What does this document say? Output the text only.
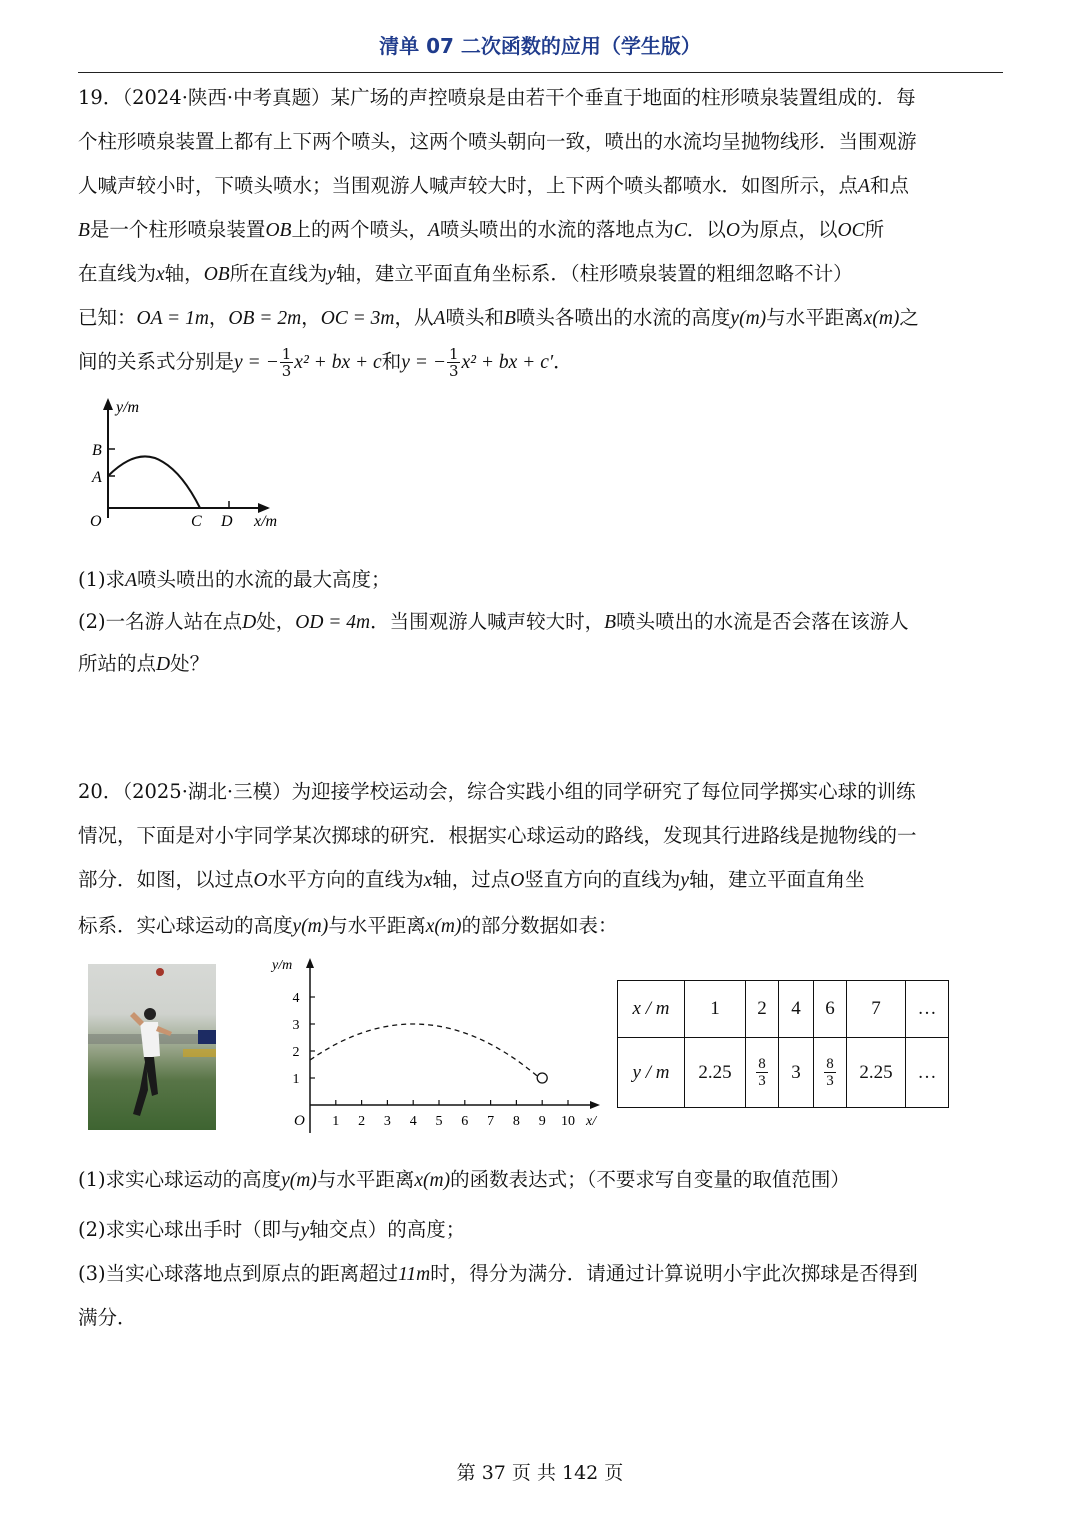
清单 07 二次函数的应用（学生版）

19．（2024·陕西·中考真题）某广场的声控喷泉是由若干个垂直于地面的柱形喷泉装置组成的．每

个柱形喷泉装置上都有上下两个喷头，这两个喷头朝向一致，喷出的水流均呈抛物线形．当围观游

人喊声较小时，下喷头喷水；当围观游人喊声较大时，上下两个喷头都喷水．如图所示，点A和点

B是一个柱形喷泉装置OB上的两个喷头，A喷头喷出的水流的落地点为C．以O为原点，以OC所

在直线为x轴，OB所在直线为y轴，建立平面直角坐标系．（柱形喷泉装置的粗细忽略不计）

已知：OA = 1m，OB = 2m，OC = 3m，从A喷头和B喷头各喷出的水流的高度y(m)与水平距离x(m)之

间的关系式分别是y = − $\frac{1}{3} x^2$ + bx + c和y = − $\frac{1}{3} x^2$ + bx + c′．

y/m
B
A
O	C D x/m
(1)求A喷头喷出的水流的最大高度；
(2)一名游人站在点D处，OD = 4m．当围观游人喊声较大时，B喷头喷出的水流是否会落在该游人
所站的点D处？

20．（2025·湖北·三模）为迎接学校运动会，综合实践小组的同学研究了每位同学掷实心球的训练

情况，下面是对小宇同学某次掷球的研究．根据实心球运动的路线，发现其行进路线是抛物线的一

部分．如图，以过点O水平方向的直线为x轴，过点O竖直方向的直线为y轴，建立平面直角坐

标系．实心球运动的高度y(m)与水平距离x(m)的部分数据如表：

1 2 3 4 5 6 7 8 9 10
1
2
3
4
y/m
O	x/
x / m	1	2	4	6	7	…
y / m	2.25	$\frac{8}{3}$	3	$\frac{8}{3}$	2.25	…
(1)求实心球运动的高度y(m)与水平距离x(m)的函数表达式；（不要求写自变量的取值范围）
(2)求实心球出手时（即与y轴交点）的高度；
(3)当实心球落地点到原点的距离超过11m时，得分为满分．请通过计算说明小宇此次掷球是否得到
满分．
第 37 页 共 142 页
